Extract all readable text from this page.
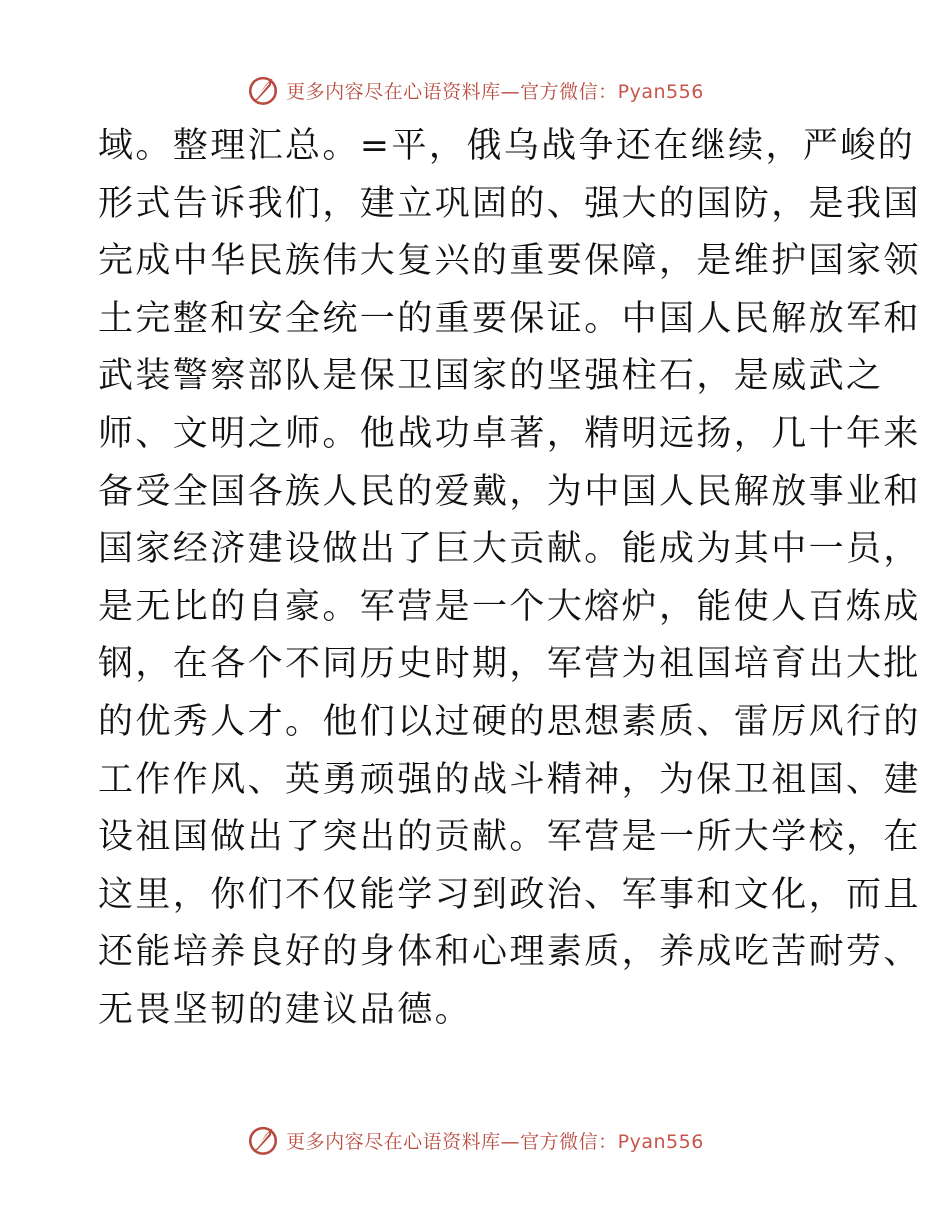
更多内容尽在心语资料库—官方微信：Pyan556
域。整理汇总。=平，俄乌战争还在继续，严峻的
形式告诉我们，建立巩固的、强大的国防，是我国
完成中华民族伟大复兴的重要保障，是维护国家领
土完整和安全统一的重要保证。中国人民解放军和
武装警察部队是保卫国家的坚强柱石，是威武之
师、文明之师。他战功卓著，精明远扬，几十年来
备受全国各族人民的爱戴，为中国人民解放事业和
国家经济建设做出了巨大贡献。能成为其中一员，
是无比的自豪。军营是一个大熔炉，能使人百炼成
钢，在各个不同历史时期，军营为祖国培育出大批
的优秀人才。他们以过硬的思想素质、雷厉风行的
工作作风、英勇顽强的战斗精神，为保卫祖国、建
设祖国做出了突出的贡献。军营是一所大学校，在
这里，你们不仅能学习到政治、军事和文化，而且
还能培养良好的身体和心理素质，养成吃苦耐劳、
无畏坚韧的建议品德。
更多内容尽在心语资料库—官方微信：Pyan556
